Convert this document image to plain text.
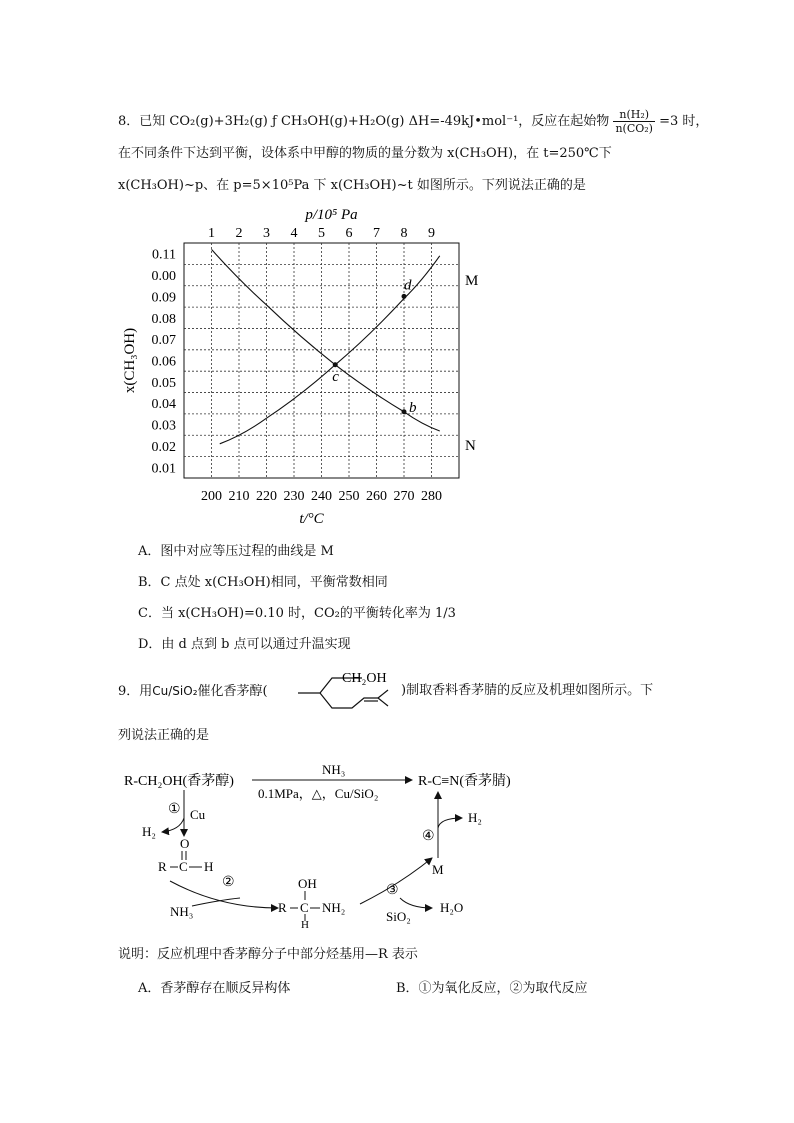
8．已知 CO₂(g)+3H₂(g) ƒ CH₃OH(g)+H₂O(g) ΔH=-49kJ•mol⁻¹，反应在起始物 $\frac{\text{n(H₂)}}{\text{n(CO₂)}} =3$ 时，
在不同条件下达到平衡，设体系中甲醇的物质的量分数为 x(CH₃OH)，在 t=250℃下
x(CH₃OH)~p、在 p=5×10⁵Pa 下 x(CH₃OH)~t 如图所示。下列说法正确的是
200 210 220 230 240 250 260 270 280
1 2 3 4 5 6 7 8 9
0.11
0.00
0.09
0.08
0.07
0.06
0.05
0.04
0.03
0.02
0.01
p/10⁵ Pa
t/°C
x(CH₃OH)
M
N
d
c
b
A．图中对应等压过程的曲线是 M
B．C 点处 x(CH₃OH)相同，平衡常数相同
C．当 x(CH₃OH)=0.10 时，CO₂的平衡转化率为 1/3
D．由 d 点到 b 点可以通过升温实现
9．用Cu/SiO₂催化香茅醇(
CH₂OH
)制取香料香茅腈的反应及机理如图所示。下
列说法正确的是
R-CH₂OH(香茅醇)
NH₃
0.1MPa，△，Cu/SiO₂
R-C≡N(香茅腈)
① Cu
H₂
O
R C H
②
NH₃
OH
R C NH₂
H
③
SiO₂
H₂O
M
④
H₂
说明：反应机理中香茅醇分子中部分烃基用—R 表示
A．香茅醇存在顺反异构体	B．①为氧化反应，②为取代反应
